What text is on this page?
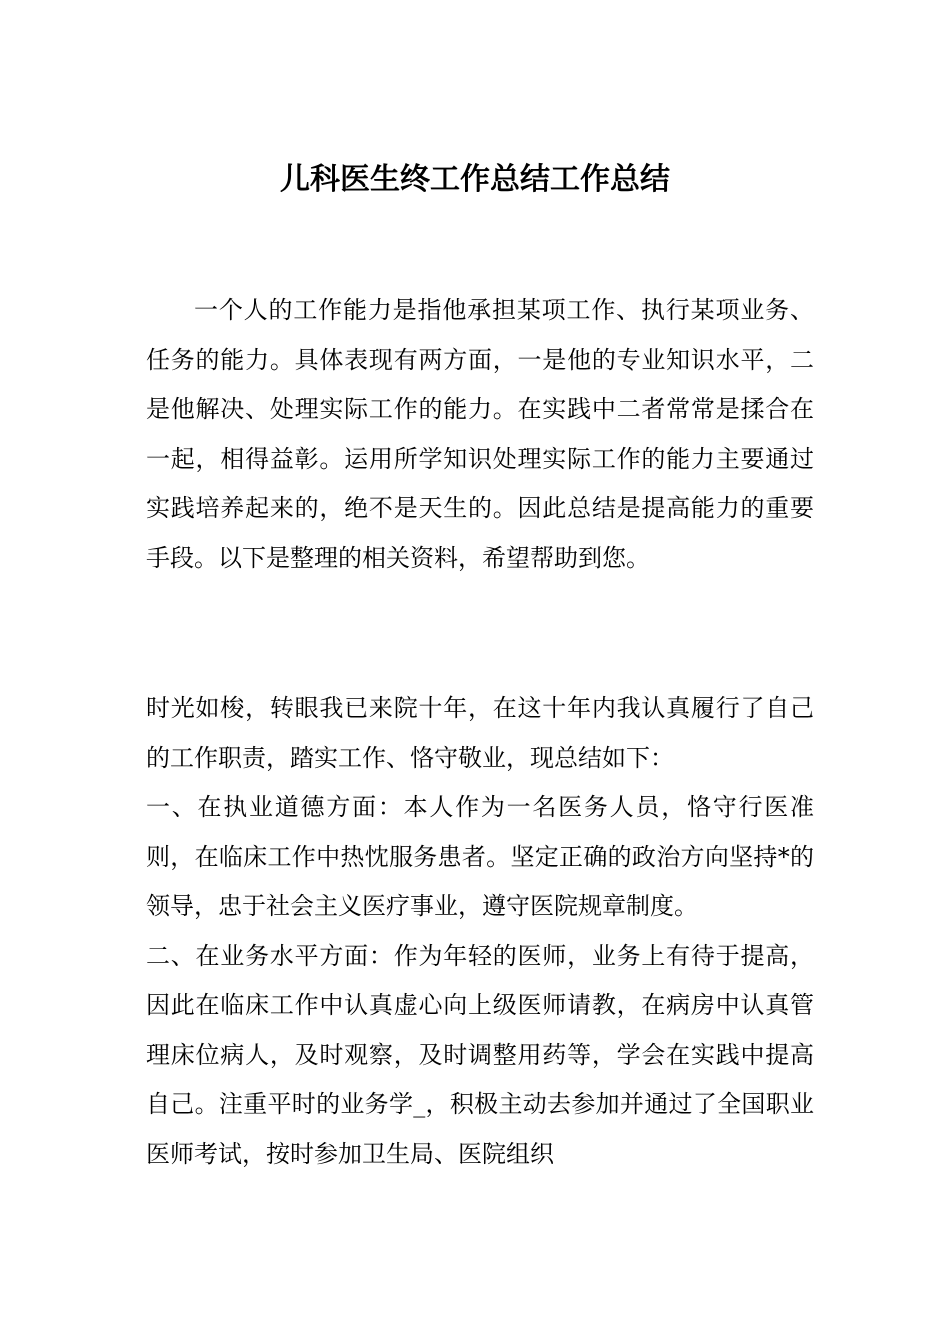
儿科医生终工作总结工作总结

一个人的工作能力是指他承担某项工作、执行某项业务、任务的能力。具体表现有两方面，一是他的专业知识水平，二是他解决、处理实际工作的能力。在实践中二者常常是揉合在一起，相得益彰。运用所学知识处理实际工作的能力主要通过实践培养起来的，绝不是天生的。因此总结是提高能力的重要手段。以下是整理的相关资料，希望帮助到您。

时光如梭，转眼我已来院十年，在这十年内我认真履行了自己的工作职责，踏实工作、恪守敬业，现总结如下：

一、在执业道德方面：本人作为一名医务人员，恪守行医准则，在临床工作中热忱服务患者。坚定正确的政治方向坚持*的领导，忠于社会主义医疗事业，遵守医院规章制度。

二、在业务水平方面：作为年轻的医师，业务上有待于提高，因此在临床工作中认真虚心向上级医师请教，在病房中认真管理床位病人，及时观察，及时调整用药等，学会在实践中提高自己。注重平时的业务学_，积极主动去参加并通过了全国职业医师考试，按时参加卫生局、医院组织
